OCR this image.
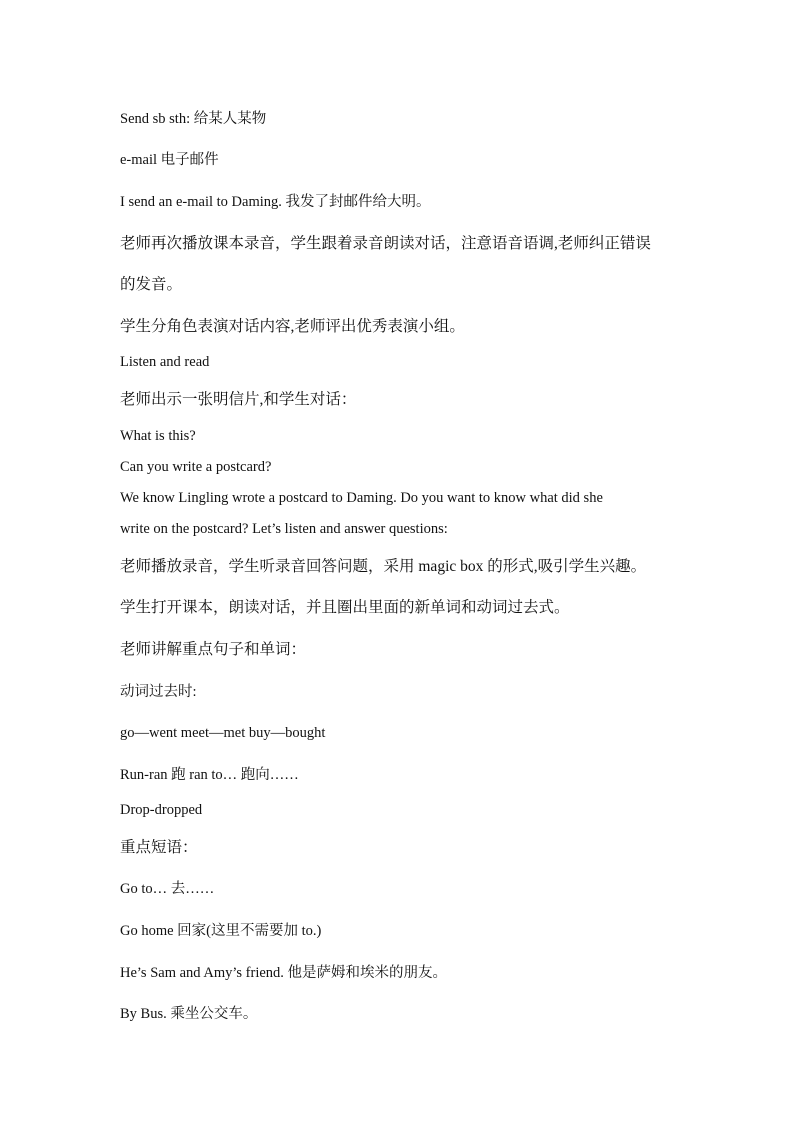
Send sb sth: 给某人某物
e-mail 电子邮件
I send an e-mail to Daming. 我发了封邮件给大明。
老师再次播放课本录音，学生跟着录音朗读对话，注意语音语调,老师纠正错误
的发音。
学生分角色表演对话内容,老师评出优秀表演小组。
Listen and read
老师出示一张明信片,和学生对话：
What is this?
Can you write a postcard?
We know Lingling wrote a postcard to Daming. Do you want to know what did she
write on the postcard? Let’s listen and answer questions:
老师播放录音，学生听录音回答问题，采用 magic box 的形式,吸引学生兴趣。
学生打开课本，朗读对话，并且圈出里面的新单词和动词过去式。
老师讲解重点句子和单词：
动词过去时:
go—went meet—met buy—bought
Run-ran 跑 ran to… 跑向……
Drop-dropped
重点短语：
Go to… 去……
Go home 回家(这里不需要加 to.)
He’s Sam and Amy’s friend. 他是萨姆和埃米的朋友。
By Bus. 乘坐公交车。
